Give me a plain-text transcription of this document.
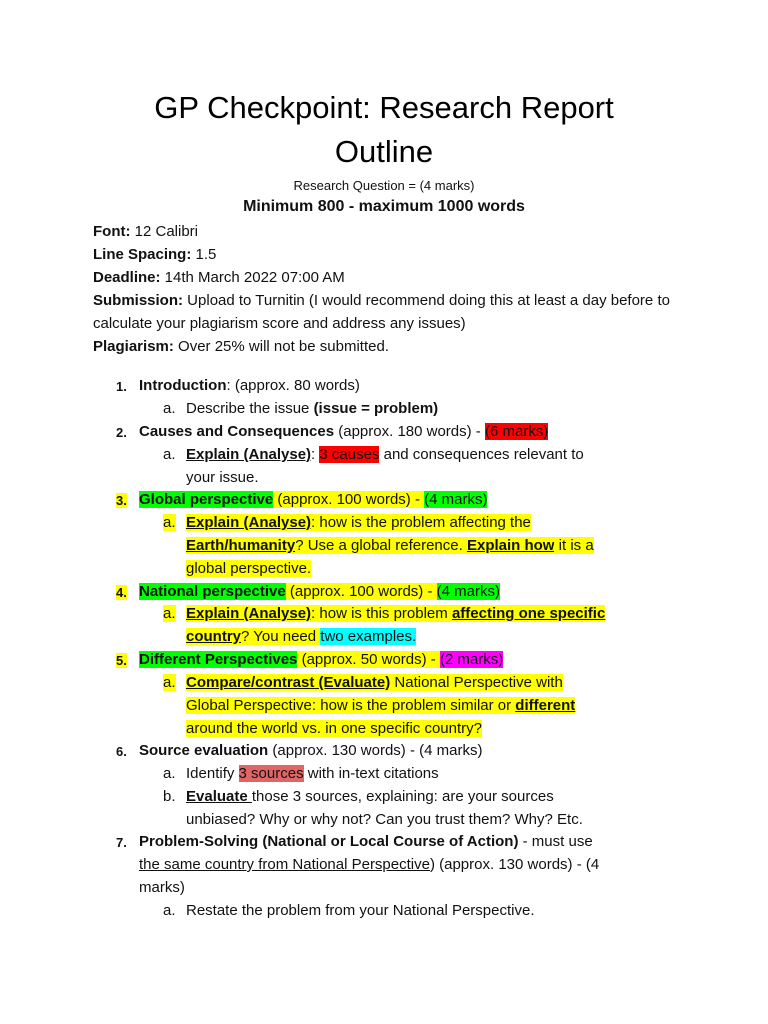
GP Checkpoint: Research Report
Outline
Research Question = (4 marks)
Minimum 800 - maximum 1000 words
Font: 12 Calibri
Line Spacing: 1.5
Deadline: 14th March 2022 07:00 AM
Submission: Upload to Turnitin (I would recommend doing this at least a day before to calculate your plagiarism score and address any issues)
Plagiarism: Over 25% will not be submitted.
1. Introduction: (approx. 80 words)
a. Describe the issue (issue = problem)
2. Causes and Consequences (approx. 180 words) - (6 marks)
a. Explain (Analyse): 3 causes and consequences relevant to
your issue.
3. Global perspective (approx. 100 words) - (4 marks)
a. Explain (Analyse): how is the problem affecting the
Earth/humanity? Use a global reference. Explain how it is a
global perspective.
4. National perspective (approx. 100 words) - (4 marks)
a. Explain (Analyse): how is this problem affecting one specific
country? You need two examples.
5. Different Perspectives (approx. 50 words) - (2 marks)
a. Compare/contrast (Evaluate) National Perspective with
Global Perspective: how is the problem similar or different
around the world vs. in one specific country?
6. Source evaluation (approx. 130 words) - (4 marks)
a. Identify 3 sources with in-text citations
b. Evaluate those 3 sources, explaining: are your sources
unbiased? Why or why not? Can you trust them? Why? Etc.
7. Problem-Solving (National or Local Course of Action) - must use
the same country from National Perspective) (approx. 130 words) - (4
marks)
a. Restate the problem from your National Perspective.
